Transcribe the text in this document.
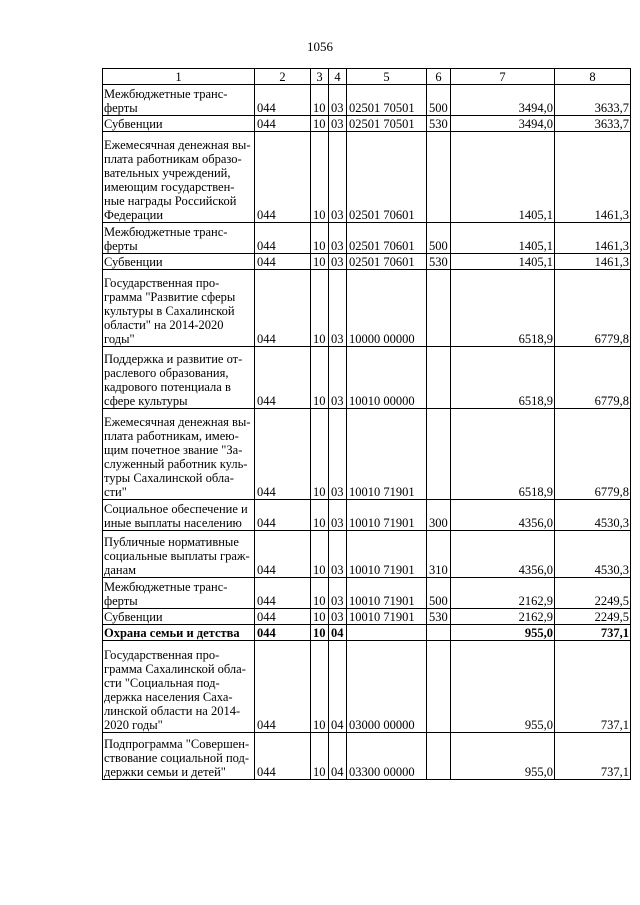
1056
1	2	3	4	5	6	7	8
Межбюджетные транс-ферты	044	10	03	02501 70501	500	3494,0	3633,7
Субвенции	044	10	03	02501 70501	530	3494,0	3633,7
Ежемесячная денежная вы-плата работникам образо-вательных учреждений, имеющим государствен-ные награды Российской Федерации	044	10	03	02501 70601		1405,1	1461,3
Межбюджетные транс-ферты	044	10	03	02501 70601	500	1405,1	1461,3
Субвенции	044	10	03	02501 70601	530	1405,1	1461,3
Государственная про-грамма "Развитие сферы культуры в Сахалинской области" на 2014-2020 годы"	044	10	03	10000 00000		6518,9	6779,8
Поддержка и развитие от-раслевого образования, кадрового потенциала в сфере культуры	044	10	03	10010 00000		6518,9	6779,8
Ежемесячная денежная вы-плата работникам, имею-щим почетное звание "За-служенный работник куль-туры Сахалинской обла-сти"	044	10	03	10010 71901		6518,9	6779,8
Социальное обеспечение и иные выплаты населению	044	10	03	10010 71901	300	4356,0	4530,3
Публичные нормативные социальные выплаты граж-данам	044	10	03	10010 71901	310	4356,0	4530,3
Межбюджетные транс-ферты	044	10	03	10010 71901	500	2162,9	2249,5
Субвенции	044	10	03	10010 71901	530	2162,9	2249,5
Охрана семьи и детства	044	10	04			955,0	737,1
Государственная про-грамма Сахалинской обла-сти "Социальная под-держка населения Саха-линской области на 2014-2020 годы"	044	10	04	03000 00000		955,0	737,1
Подпрограмма "Совершен-ствование социальной под-держки семьи и детей"	044	10	04	03300 00000		955,0	737,1
